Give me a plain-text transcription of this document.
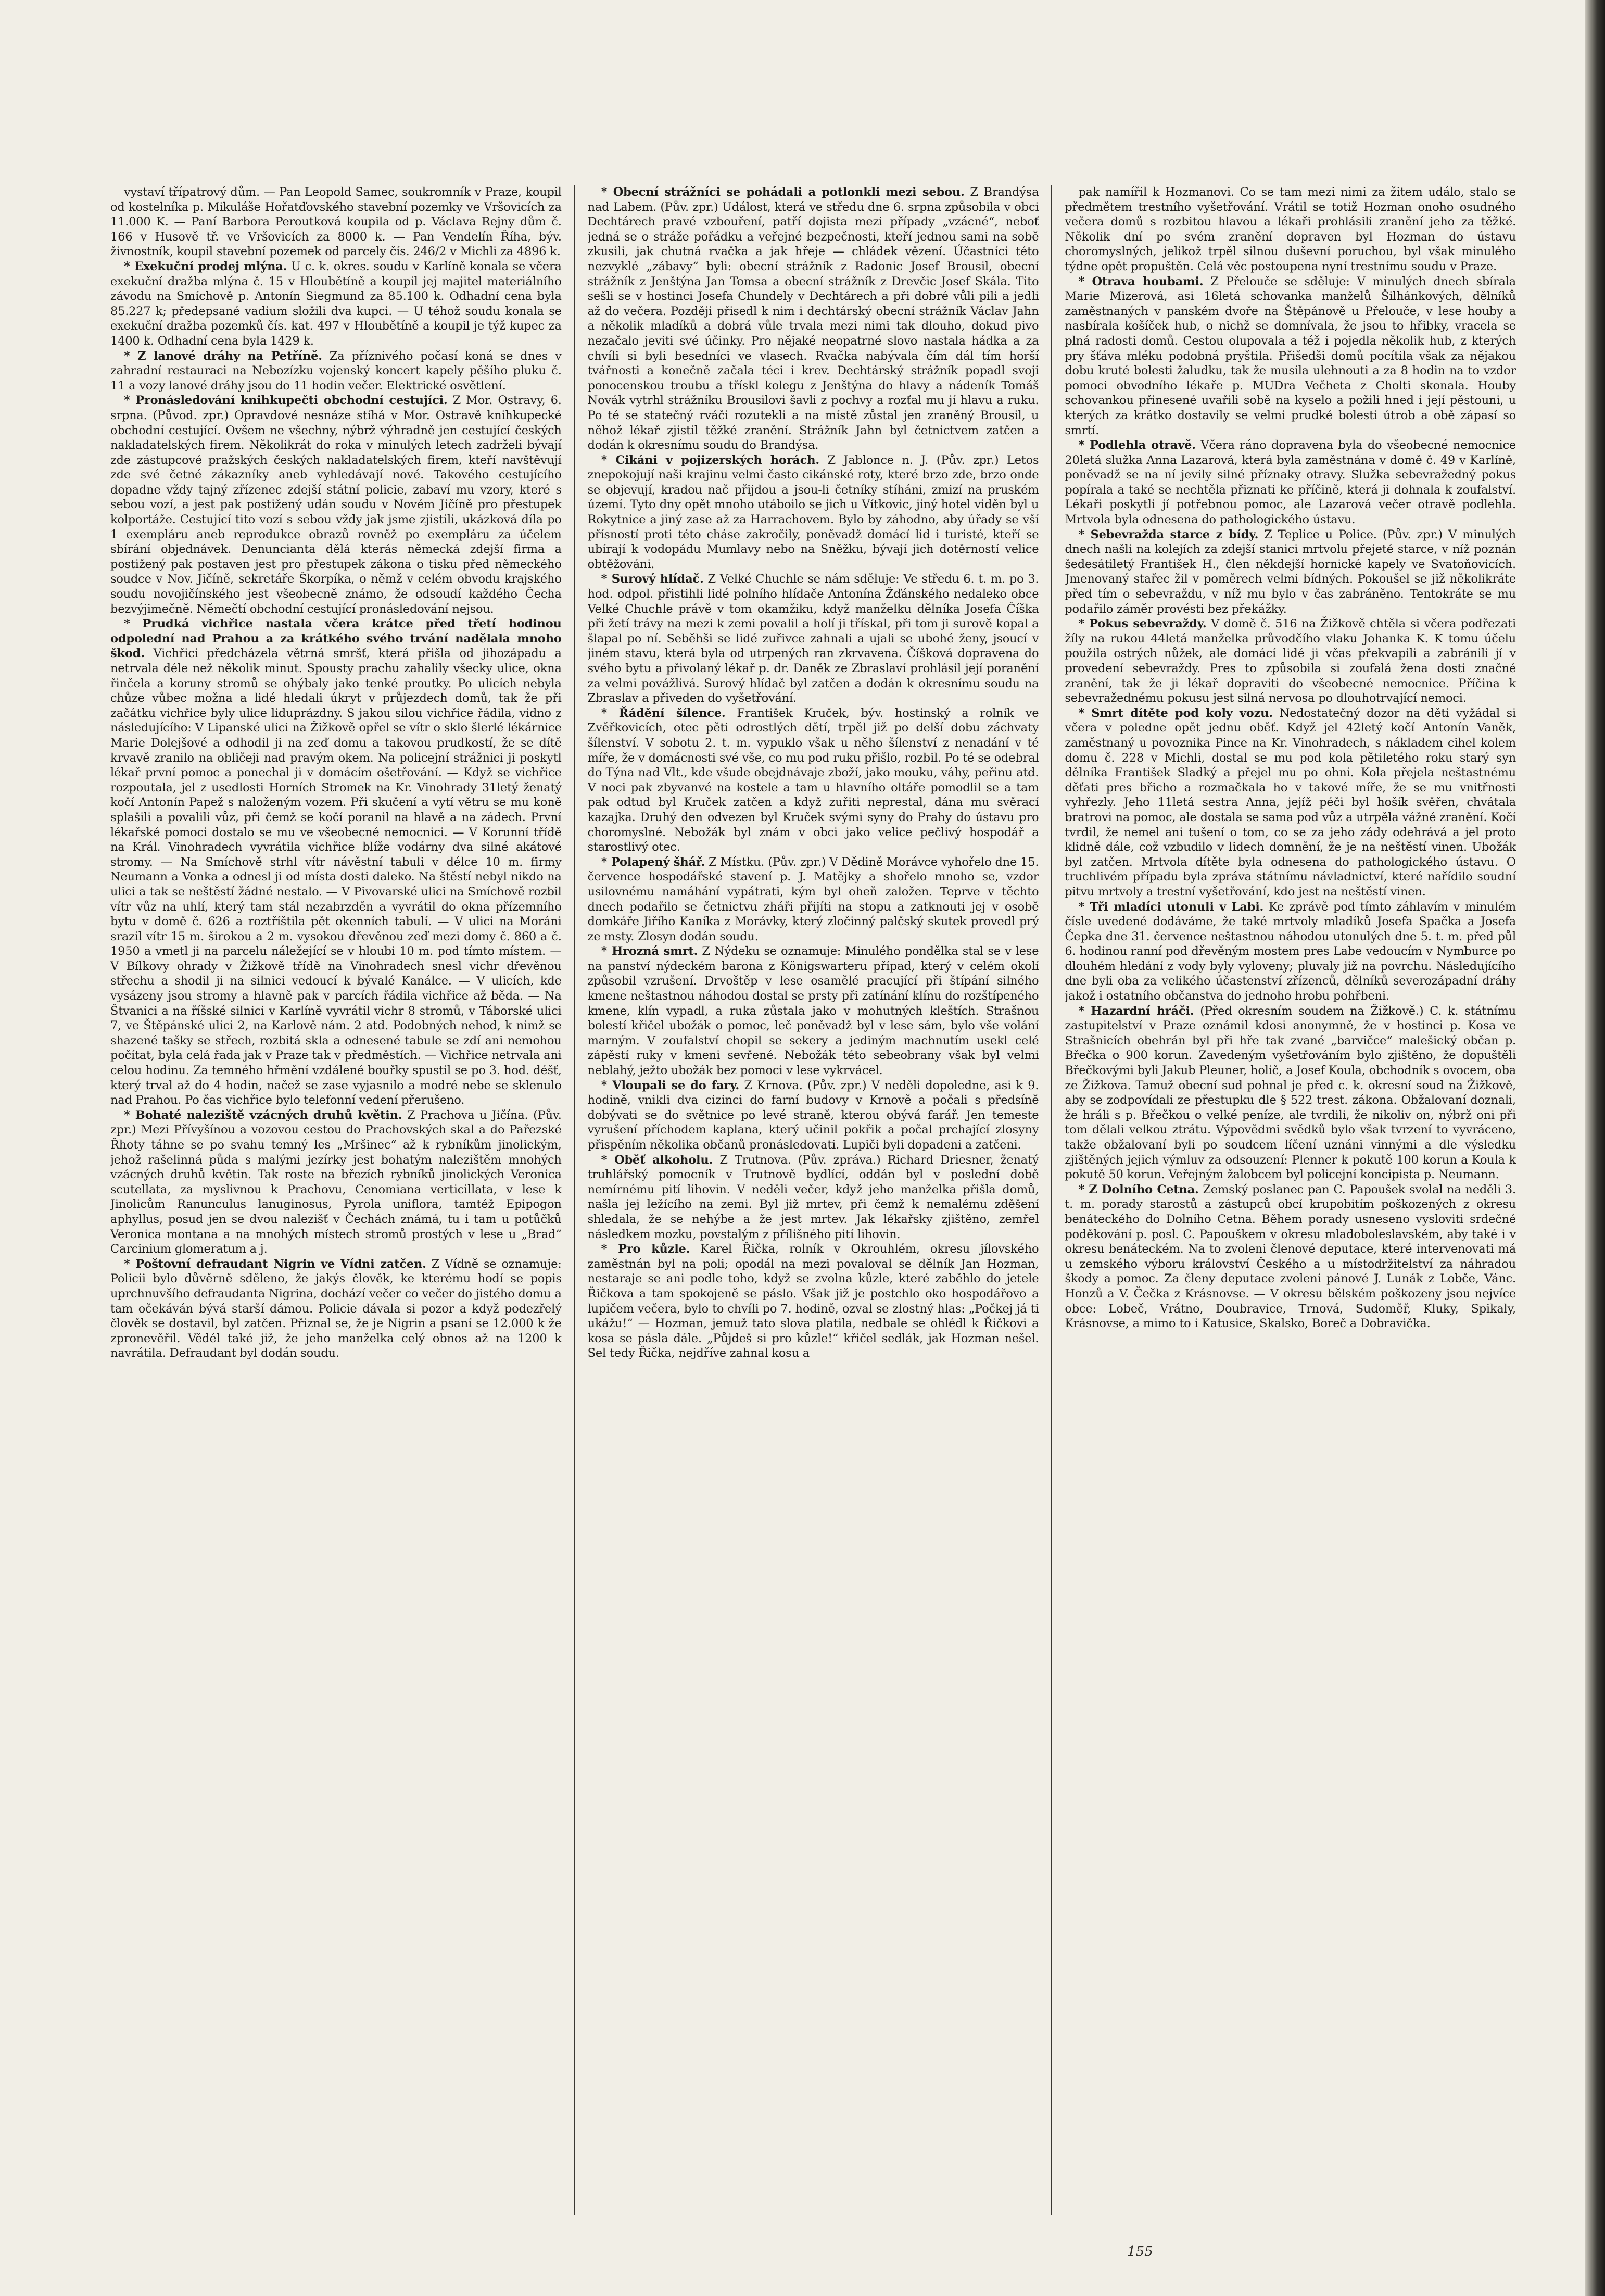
vystaví třípatrový dům. — Pan Leopold Samec, soukromník v Praze, koupil od kostelníka p. Mikuláše Hořatďovského stavební pozemky ve Vršovicích za 11.000 K. — Paní Barbora Peroutková koupila od p. Václava Rejny dům č. 166 v Husově tř. ve Vršovicích za 8000 k. — Pan Vendelín Říha, býv. živnostník, koupil stavební pozemek od parcely čís. 246/2 v Michli za 4896 k.

* Exekuční prodej mlýna. U c. k. okres. soudu v Karlíně konala se včera exekuční dražba mlýna č. 15 v Hloubětíně a koupil jej majitel materiálního závodu na Smíchově p. Antonín Siegmund za 85.100 k. Odhadní cena byla 85.227 k; předepsané vadium složili dva kupci. — U téhož soudu konala se exekuční dražba pozemků čís. kat. 497 v Hloubětíně a koupil je týž kupec za 1400 k. Odhadní cena byla 1429 k.

* Z lanové dráhy na Petříně. Za příznivého počasí koná se dnes v zahradní restauraci na Nebozízku vojenský koncert kapely pěšího pluku č. 11 a vozy lanové dráhy jsou do 11 hodin večer. Elektrické osvětlení.

* Pronásledování knihkupečti obchodní cestujíci. Z Mor. Ostravy, 6. srpna. (Původ. zpr.) Opravdové nesnáze stíhá v Mor. Ostravě knihkupecké obchodní cestující. Ovšem ne všechny, nýbrž výhradně jen cestující českých nakladatelských firem. Několikrát do roka v minulých letech zadrželi bývají zde zástupcové pražských českých nakladatelských firem, kteří navštěvují zde své četné zákazníky aneb vyhledávají nové. Takového cestujícího dopadne vždy tajný zřízenec zdejší státní policie, zabaví mu vzory, které s sebou vozí, a jest pak postižený udán soudu v Novém Jičíně pro přestupek kolportáže. Cestující tito vozí s sebou vždy jak jsme zjistili, ukázková díla po 1 exempláru aneb reprodukce obrazů rovněž po exempláru za účelem sbírání objednávek. Denunciantа dělá kterás německá zdejší firma a postižený pak postaven jest pro přestupek zákona o tisku před německého soudce v Nov. Jičíně, sekretáře Škorpíka, o němž v celém obvodu krajského soudu novojičínského jest všeobecně známo, že odsoudí každého Čecha bezvýjimečně. Němečtí obchodní cestující pronásledování nejsou.

* Prudká vichřice nastala včera krátce před třetí hodinou odpolední nad Prahou a za krátkého svého trvání nadělala mnoho škod. Vichřici předcházela větrná smršť, která přišla od jihozápadu a netrvala déle než několik minut. Spousty prachu zahalily všecky ulice, okna řinčela a koruny stromů se ohýbaly jako tenké proutky. Po ulicích nebyla chůze vůbec možna a lidé hledali úkryt v průjezdech domů, tak že při začátku vichřice byly ulice liduprázdny. S jakou silou vichřice řádila, vidno z následujícího: V Lipanské ulici na Žižkově opřel se vítr o sklo šlerlé lékárnice Marie Dolejšové a odhodil ji na zeď domu a takovou prudkostí, že se dítě krvavě zranilo na obličeji nad pravým okem. Na policejní strážnici ji poskytl lékař první pomoc a ponechal ji v domácím ošetřování. — Když se vichřice rozpoutala, jel z usedlosti Horních Stromek na Kr. Vinohrady 31letý ženatý kočí Antonín Papež s naloženým vozem. Při skučení a vytí větru se mu koně splašili a povalili vůz, při čemž se kočí poranil na hlavě a na zádech. První lékařské pomoci dostalo se mu ve všeobecné nemocnici. — V Korunní třídě na Král. Vinohradech vyvrátila vichřice blíže vodárny dva silné akátové stromy. — Na Smíchově strhl vítr návěstní tabuli v délce 10 m. firmy Neumann a Vonka a odnesl ji od místa dosti daleko. Na štěstí nebyl nikdo na ulici a tak se neštěstí žádné nestalo. — V Pivovarské ulici na Smíchově rozbil vítr vůz na uhlí, který tam stál nezabrzděn a vyvrátil do okna přízemního bytu v domě č. 626 a roztříštila pět okenních tabulí. — V ulici na Moráni srazil vítr 15 m. širokou a 2 m. vysokou dřevěnou zeď mezi domy č. 860 a č. 1950 a vmetl ji na parcelu náležející se v hloubi 10 m. pod tímto místem. — V Bílkovy ohrady v Žižkově třídě na Vinohradech snesl vichr dřevěnou střechu a shodil ji na silnici vedoucí k bývalé Kanálce. — V ulicích, kde vysázeny jsou stromy a hlavně pak v parcích řádila vichřice až běda. — Na Štvanici a na říšské silnici v Karlíně vyvrátil vichr 8 stromů, v Táborské ulici 7, ve Štěpánské ulici 2, na Karlově nám. 2 atd. Podobných nehod, k nimž se shazené tašky se střech, rozbitá skla a odnesené tabule se zdí ani nemohou počítat, byla celá řada jak v Praze tak v předměstích. — Vichřice netrvala ani celou hodinu. Za temného hřmění vzdálené bouřky spustil se po 3. hod. déšť, který trval až do 4 hodin, načež se zase vyjasnilo a modré nebe se sklenulo nad Prahou. Po čas vichřice bylo telefonní vedení přerušeno.

* Bohaté naleziště vzácných druhů květin. Z Prachova u Jičína. (Pův. zpr.) Mezi Přívyšínou a vozovou cestou do Prachovských skal a do Pařezské Řhoty táhne se po svahu temný les „Mršinec“ až k rybníkům jinolickým, jehož rašelinná půda s malými jezírky jest bohatým nalezištěm mnohých vzácných druhů květin. Tak roste na březích rybníků jinolických Veronica scutellata, za myslivnou k Prachovu, Cenomiana verticillata, v lese k Jinolicům Ranunculus lanuginosus, Pyrola uniflora, tamtéž Epipogon aphyllus, posud jen se dvou nalezišť v Čechách známá, tu i tam u potůčků Veronica montana a na mnohých místech stromů prostých v lese u „Brad“ Carcinium glomeratum a j.

* Poštovní defraudant Nigrin ve Vídni zatčen. Z Vídně se oznamuje: Policii bylo důvěrně sděleno, že jakýs člověk, ke kterému hodí se popis uprchnuvšího defraudanta Nigrina, dochází večer co večer do jistého domu a tam očekáván bývá starší dámou. Policie dávala si pozor a když podezřelý člověk se dostavil, byl zatčen. Přiznal se, že je Nigrin a psaní se 12.000 k že zpronevěřil. Vědél také již, že jeho manželka celý obnos až na 1200 k navrátila. Defraudant byl dodán soudu.

* Obecní strážníci se pohádali a potlonkli mezi sebou. Z Brandýsa nad Labem. (Pův. zpr.) Událost, která ve středu dne 6. srpna způsobila v obci Dechtárech pravé vzbouření, patří dojista mezi případy „vzácné“, neboť jedná se o stráže pořádku a veřejné bezpečnosti, kteří jednou sami na sobě zkusili, jak chutná rvačka a jak hřeje — chládek vězení. Účastníci této nezvyklé „zábavy“ byli: obecní strážník z Radonic Josef Brousil, obecní strážník z Jenštýna Jan Tomsa a obecní strážník z Drevčic Josef Skála. Tito sešli se v hostinci Josefa Chundely v Dechtárech a při dobré vůli pili a jedli až do večera. Později přisedl k nim i dechtárský obecní strážník Václav Jahn a několik mladíků a dobrá vůle trvala mezi nimi tak dlouho, dokud pivo nezačalo jeviti své účinky. Pro nějaké neopatrné slovo nastala hádka a za chvíli si byli besedníci ve vlasech. Rvačka nabývala čím dál tím horší tvářnosti a konečně začala téci i krev. Dechtárský strážník popadl svoji ponocenskou troubu a třískl kolegu z Jenštýna do hlavy a nádeník Tomáš Novák vytrhl strážníku Brousilovi šavli z pochvy a rozťal mu jí hlavu a ruku. Po té se statečný rváči rozutekli a na místě zůstal jen zraněný Brousil, u něhož lékař zjistil těžké zranění. Strážník Jahn byl četnictvem zatčen a dodán k okresnímu soudu do Brandýsa.

* Cikáni v pojizerských horách. Z Jablonce n. J. (Pův. zpr.) Letos znepokojují naši krajinu velmi často cikánské roty, které brzo zde, brzo onde se objevují, kradou nač přijdou a jsou-li četníky stíháni, zmizí na pruském území. Tyto dny opět mnoho utáboilo se jich u Vítkovic, jiný hotel viděn byl u Rokytnice a jiný zase až za Harrachovem. Bylo by záhodno, aby úřady se vší přísností proti této cháse zakročily, poněvadž domácí lid i turisté, kteří se ubírají k vodopádu Mumlavy nebo na Sněžku, bývají jich dotěrností velice obtěžováni.

* Surový hlídač. Z Velké Chuchle se nám sděluje: Ve středu 6. t. m. po 3. hod. odpol. přistihli lidé polního hlídače Antonína Žďánského nedaleko obce Velké Chuchle právě v tom okamžiku, když manželku dělníka Josefa Číška při žetí trávy na mezi k zemi povalil a holí ji třískal, při tom ji surově kopal a šlapal po ní. Seběhši se lidé zuřivce zahnali a ujali se ubohé ženy, jsoucí v jiném stavu, která byla od utrpených ran zkrvavena. Číšková dopravena do svého bytu a přivolaný lékař p. dr. Daněk ze Zbraslaví prohlásil její poranění za velmi povážlivá. Surový hlídač byl zatčen a dodán k okresnímu soudu na Zbraslav a přiveden do vyšetřování.

* Řádění šílence. František Kruček, býv. hostinský a rolník ve Zvěřkovicích, otec pěti odrostlých dětí, trpěl již po delší dobu záchvaty šílenství. V sobotu 2. t. m. vypuklo však u něho šílenství z nenadání v té míře, že v domácnosti své vše, co mu pod ruku přišlo, rozbil. Po té se odebral do Týna nad Vlt., kde všude obejdnávaje zboží, jako mouku, váhy, peřinu atd. V noci pak zbyvanvé na kostele a tam u hlavního oltáře pomodlil se a tam pak odtud byl Kruček zatčen a když zuřiti neprestal, dána mu svěrací kazajka. Druhý den odvezen byl Kruček svými syny do Prahy do ústavu pro choromyslné. Nebožák byl znám v obci jako velice pečlivý hospodář a starostlivý otec.

* Polapený šhář. Z Místku. (Pův. zpr.) V Dědině Morávce vyhořelo dne 15. července hospodářské stavení p. J. Matějky a shořelo mnoho se, vzdor usilovnému namáhání vypátrati, kým byl oheň založen. Teprve v těchto dnech podařilo se četnictvu zháři přijíti na stopu a zatknouti jej v osobě domkáře Jiřího Kaníka z Morávky, který zločinný palčský skutek provedl prý ze msty. Zlosyn dodán soudu.

* Hrozná smrt. Z Nýdeku se oznamuje: Minulého pondělka stal se v lese na panství nýdeckém barona z Königswarteru případ, který v celém okolí způsobil vzrušení. Drvoštěp v lese osamělé pracující při štípání silného kmene neštastnou náhodou dostal se prsty při zatínání klínu do rozštípeného kmene, klín vypadl, a ruka zůstala jako v mohutných kleštích. Strašnou bolestí křičel ubožák o pomoc, leč poněvadž byl v lese sám, bylo vše volání marným. V zoufalství chopil se sekery a jediným machnutím usekl celé zápěstí ruky v kmeni sevřené. Nebožák této sebeobrany však byl velmi neblahý, ježto ubožák bez pomoci v lese vykrvácel.

* Vloupali se do fary. Z Krnova. (Pův. zpr.) V neděli dopoledne, asi k 9. hodině, vnikli dva cizinci do farní budovy v Krnově a počali s předsíně dobývati se do světnice po levé straně, kterou obývá farář. Jen temeste vyrušení příchodem kaplana, který učinil pokřik a počal prchající zlosyny přispěním několika občanů pronásledovati. Lupiči byli dopadeni a zatčeni.

* Oběť alkoholu. Z Trutnova. (Pův. zpráva.) Richard Driesner, ženatý truhlářský pomocník v Trutnově bydlící, oddán byl v poslední době nemírnému pití lihovin. V neděli večer, když jeho manželka přišla domů, našla jej ležícího na zemi. Byl již mrtev, při čemž k nemalému zděšení shledala, že se nehýbe a že jest mrtev. Jak lékařsky zjištěno, zemřel následkem mozku, povstalým z přílišného pití lihovin.

* Pro kůzle. Karel Řička, rolník v Okrouhlém, okresu jílovského zaměstnán byl na poli; opodál na mezi povaloval se dělník Jan Hozman, nestaraje se ani podle toho, když se zvolna kůzle, které zaběhlo do jetele Řičkova a tam spokojeně se páslo. Však již je postchlo oko hospodářovo a lupičem večera, bylo to chvíli po 7. hodině, ozval se zlostný hlas: „Počkej já ti ukážu!“ — Hozman, jemuž tato slova platila, nedbale se ohlédl k Řičkovi a kosa se pásla dále. „Půjdeš si pro kůzle!“ křičel sedlák, jak Hozman nešel. Sel tedy Řička, nejdříve zahnal kosu a

pak namířil k Hozmanovi. Co se tam mezi nimi za žitem událo, stalo se předmětem trestního vyšetřování. Vrátil se totiž Hozman onoho osudného večera domů s rozbitou hlavou a lékaři prohlásili zranění jeho za těžké. Několik dní po svém zranění dopraven byl Hozman do ústavu choromyslných, jelikož trpěl silnou duševní poruchou, byl však minulého týdne opět propuštěn. Celá věc postoupena nyní trestnímu soudu v Praze.

* Otrava houbami. Z Přelouče se sděluje: V minulých dnech sbírala Marie Mizerová, asi 16letá schovanka manželů Šilhánkových, dělníků zaměstnaných v panském dvoře na Štěpánově u Přelouče, v lese houby a nasbírala košíček hub, o nichž se domnívala, že jsou to hřibky, vracela se plná radosti domů. Cestou olupovala a též i pojedla několik hub, z kterých pry šťáva mléku podobná pryštila. Přišedši domů pocítila však za nějakou dobu kruté bolesti žaludku, tak že musila ulehnouti a za 8 hodin na to vzdor pomoci obvodního lékaře p. MUDra Večheta z Cholti skonala. Houby schovankou přinesené uvařili sobě na kyselo a požili hned i její pěstouni, u kterých za krátko dostavily se velmi prudké bolesti útrob a obě zápasí so smrtí.

* Podlehla otravě. Včera ráno dopravena byla do všeobecné nemocnice 20letá služka Anna Lazarová, která byla zaměstnána v domě č. 49 v Karlíně, poněvadž se na ní jevily silné příznaky otravy. Služka sebevražedný pokus popírala a také se nechtěla přiznati ke příčině, která ji dohnala k zoufalství. Lékaři poskytli jí potřebnou pomoc, ale Lazarová večer otravě podlehla. Mrtvola byla odnesena do pathologického ústavu.

* Sebevražda starce z bídy. Z Teplice u Police. (Pův. zpr.) V minulých dnech našli na kolejích za zdejší stanici mrtvolu přejeté starce, v níž poznán šedesátiletý František H., člen někdejší hornické kapely ve Svatoňovicích. Jmenovaný stařec žil v poměrech velmi bídných. Pokoušel se již několikráte před tím o sebevraždu, v níž mu bylo v čas zabráněno. Tentokráte se mu podařilo záměr provésti bez překážky.

* Pokus sebevraždy. V domě č. 516 na Žižkově chtěla si včera podřezati žíly na rukou 44letá manželka průvodčího vlaku Johanka K. K tomu účelu použila ostrých nůžek, ale domácí lidé ji včas překvapili a zabránili jí v provedení sebevraždy. Pres to způsobila si zoufalá žena dosti značné zranění, tak že ji lékař dopraviti do všeobecné nemocnice. Příčina k sebevražednému pokusu jest silná nervosa po dlouhotrvající nemoci.

* Smrt dítěte pod koly vozu. Nedostatečný dozor na děti vyžádal si včera v poledne opět jednu oběť. Když jel 42letý kočí Antonín Vaněk, zaměstnaný u povoznika Pince na Kr. Vinohradech, s nákladem cihel kolem domu č. 228 v Michli, dostal se mu pod kola pětiletého roku starý syn dělníka František Sladký a přejel mu po ohni. Kola přejela neštastnému děťati pres břicho a rozmačkala ho v takové míře, že se mu vnitřnosti vyhřezly. Jeho 11letá sestra Anna, jejíž péči byl hošík svěřen, chvátala bratrovi na pomoc, ale dostala se sama pod vůz a utrpěla vážné zranění. Kočí tvrdil, že nemel ani tušení o tom, co se za jeho zády odehrává a jel proto klidně dále, což vzbudilo v lidech domnění, že je na neštěstí vinen. Ubožák byl zatčen. Mrtvola dítěte byla odnesena do pathologického ústavu. O truchlivém případu byla zpráva státnímu návladnictví, které nařídilo soudní pitvu mrtvoly a trestní vyšetřování, kdo jest na neštěstí vinen.

* Tři mladíci utonuli v Labi. Ke zprávě pod tímto záhlavím v minulém čísle uvedené dodáváme, že také mrtvoly mladíků Josefa Spačka a Josefa Čepka dne 31. července neštastnou náhodou utonulých dne 5. t. m. před půl 6. hodinou ranní pod dřevěným mostem pres Labe vedoucím v Nymburce po dlouhém hledání z vody byly vyloveny; pluvaly již na povrchu. Následujícího dne byli oba za velikého účastenství zřízenců, dělníků severozápadní dráhy jakož i ostatního občanstva do jednoho hrobu pohřbeni.

* Hazardní hráči. (Před okresním soudem na Žižkově.) C. k. státnímu zastupitelství v Praze oznámil kdosi anonymně, že v hostinci p. Kosa ve Strašnicích obehrán byl při hře tak zvané „barvičce“ malešický občan p. Břečka o 900 korun. Zavedeným vyšetřováním bylo zjištěno, že dopuštěli Břečkovými byli Jakub Pleuner, holič, a Josef Koula, obchodník s ovocem, oba ze Žižkova. Tamuž obecní sud pohnal je před c. k. okresní soud na Žižkově, aby se zodpovídali ze přestupku dle § 522 trest. zákona. Obžalovaní doznali, že hráli s p. Břečkou o velké peníze, ale tvrdili, že nikoliv on, nýbrž oni při tom dělali velkou ztrátu. Výpovědmi svědků bylo však tvrzení to vyvráceno, takže obžalovaní byli po soudcem líčení uznáni vinnými a dle výsledku zjištěných jejich výmluv za odsouzení: Plenner k pokutě 100 korun a Koula k pokutě 50 korun. Veřejným žalobcem byl policejní koncipista p. Neumann.

* Z Dolního Cetna. Zemský poslanec pan C. Papoušek svolal na neděli 3. t. m. porady starostů a zástupců obcí krupobitím poškozených z okresu benáteckého do Dolního Cetna. Během porady usneseno vysloviti srdečné poděkování p. posl. C. Papouškem v okresu mladoboleslavském, aby také i v okresu benáteckém. Na to zvoleni členové deputace, které intervenovati má u zemského výboru království Českého a u místodržitelství za náhradou škody a pomoc. Za členy deputace zvoleni pánové J. Lunák z Lobče, Vánc. Honzů a V. Čečka z Krásnovse. — V okresu bělském poškozeny jsou nejvíce obce: Lobeč, Vrátno, Doubravice, Trnová, Sudoměř, Kluky, Spikaly, Krásnovse, a mimo to i Katusice, Skalsko, Boreč a Dobravička.

155
